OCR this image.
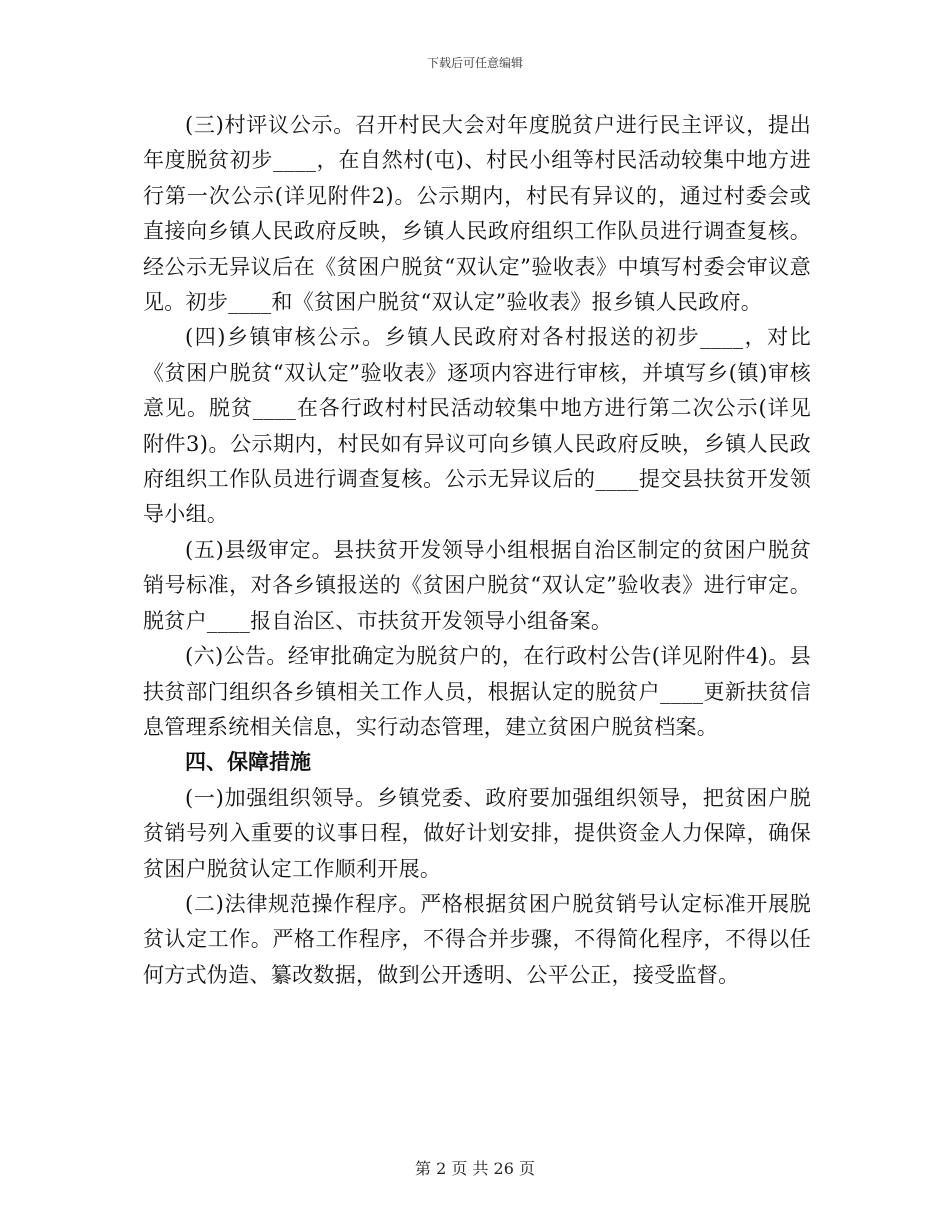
下载后可任意编辑

(三)村评议公示。召开村民大会对年度脱贫户进行民主评议，提出年度脱贫初步____，在自然村(屯)、村民小组等村民活动较集中地方进行第一次公示(详见附件2)。公示期内，村民有异议的，通过村委会或直接向乡镇人民政府反映，乡镇人民政府组织工作队员进行调查复核。经公示无异议后在《贫困户脱贫“双认定”验收表》中填写村委会审议意见。初步____和《贫困户脱贫“双认定”验收表》报乡镇人民政府。

(四)乡镇审核公示。乡镇人民政府对各村报送的初步____，对比《贫困户脱贫“双认定”验收表》逐项内容进行审核，并填写乡(镇)审核意见。脱贫____在各行政村村民活动较集中地方进行第二次公示(详见附件3)。公示期内，村民如有异议可向乡镇人民政府反映，乡镇人民政府组织工作队员进行调查复核。公示无异议后的____提交县扶贫开发领导小组。

(五)县级审定。县扶贫开发领导小组根据自治区制定的贫困户脱贫销号标准，对各乡镇报送的《贫困户脱贫“双认定”验收表》进行审定。脱贫户____报自治区、市扶贫开发领导小组备案。

(六)公告。经审批确定为脱贫户的，在行政村公告(详见附件4)。县扶贫部门组织各乡镇相关工作人员，根据认定的脱贫户____更新扶贫信息管理系统相关信息，实行动态管理，建立贫困户脱贫档案。

四、保障措施

(一)加强组织领导。乡镇党委、政府要加强组织领导，把贫困户脱贫销号列入重要的议事日程，做好计划安排，提供资金人力保障，确保贫困户脱贫认定工作顺利开展。

(二)法律规范操作程序。严格根据贫困户脱贫销号认定标准开展脱贫认定工作。严格工作程序，不得合并步骤，不得简化程序，不得以任何方式伪造、纂改数据，做到公开透明、公平公正，接受监督。

第 2 页 共 26 页
